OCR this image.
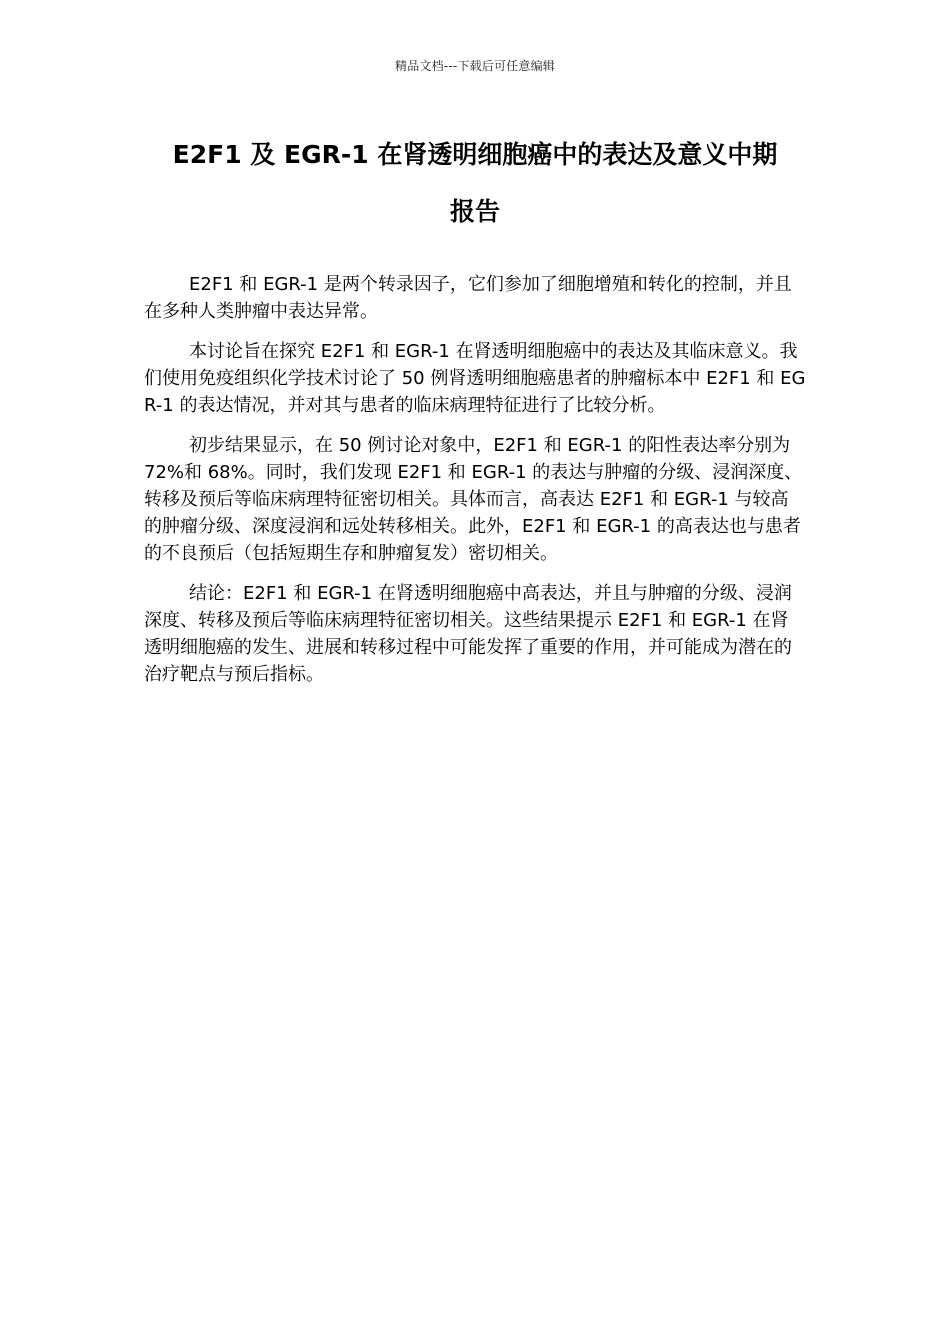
精品文档---下载后可任意编辑
E2F1 及 EGR-1 在肾透明细胞癌中的表达及意义中期
报告

E2F1 和 EGR-1 是两个转录因子，它们参加了细胞增殖和转化的控制，并且在多种人类肿瘤中表达异常。

本讨论旨在探究 E2F1 和 EGR-1 在肾透明细胞癌中的表达及其临床意义。我们使用免疫组织化学技术讨论了 50 例肾透明细胞癌患者的肿瘤标本中 E2F1 和 EGR-1 的表达情况，并对其与患者的临床病理特征进行了比较分析。

初步结果显示，在 50 例讨论对象中，E2F1 和 EGR-1 的阳性表达率分别为 72%和 68%。同时，我们发现 E2F1 和 EGR-1 的表达与肿瘤的分级、浸润深度、转移及预后等临床病理特征密切相关。具体而言，高表达 E2F1 和 EGR-1 与较高的肿瘤分级、深度浸润和远处转移相关。此外，E2F1 和 EGR-1 的高表达也与患者的不良预后（包括短期生存和肿瘤复发）密切相关。

结论：E2F1 和 EGR-1 在肾透明细胞癌中高表达，并且与肿瘤的分级、浸润深度、转移及预后等临床病理特征密切相关。这些结果提示 E2F1 和 EGR-1 在肾透明细胞癌的发生、进展和转移过程中可能发挥了重要的作用，并可能成为潜在的治疗靶点与预后指标。
